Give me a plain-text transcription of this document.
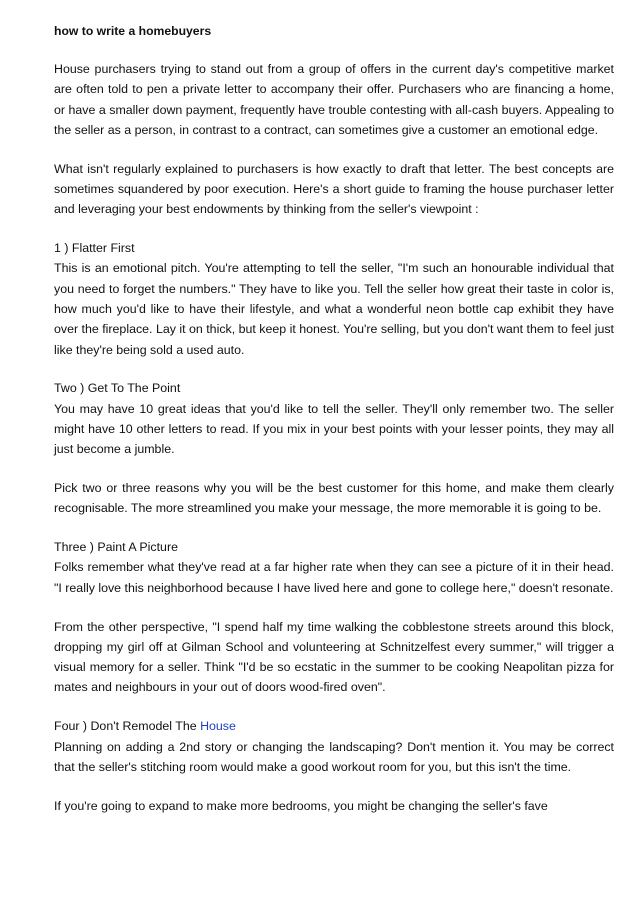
how to write a homebuyers

House purchasers trying to stand out from a group of offers in the current day's competitive market are often told to pen a private letter to accompany their offer. Purchasers who are financing a home, or have a smaller down payment, frequently have trouble contesting with all-cash buyers. Appealing to the seller as a person, in contrast to a contract, can sometimes give a customer an emotional edge.

What isn't regularly explained to purchasers is how exactly to draft that letter. The best concepts are sometimes squandered by poor execution. Here's a short guide to framing the house purchaser letter and leveraging your best endowments by thinking from the seller's viewpoint :

1 ) Flatter First
This is an emotional pitch. You're attempting to tell the seller, "I'm such an honourable individual that you need to forget the numbers." They have to like you. Tell the seller how great their taste in color is, how much you'd like to have their lifestyle, and what a wonderful neon bottle cap exhibit they have over the fireplace. Lay it on thick, but keep it honest. You're selling, but you don't want them to feel just like they're being sold a used auto.

Two ) Get To The Point
You may have 10 great ideas that you'd like to tell the seller. They'll only remember two. The seller might have 10 other letters to read. If you mix in your best points with your lesser points, they may all just become a jumble.

Pick two or three reasons why you will be the best customer for this home, and make them clearly recognisable. The more streamlined you make your message, the more memorable it is going to be.

Three ) Paint A Picture
Folks remember what they've read at a far higher rate when they can see a picture of it in their head. "I really love this neighborhood because I have lived here and gone to college here," doesn't resonate.

From the other perspective, "I spend half my time walking the cobblestone streets around this block, dropping my girl off at Gilman School and volunteering at Schnitzelfest every summer," will trigger a visual memory for a seller. Think "I'd be so ecstatic in the summer to be cooking Neapolitan pizza for mates and neighbours in your out of doors wood-fired oven".

Four ) Don't Remodel The House
Planning on adding a 2nd story or changing the landscaping? Don't mention it. You may be correct that the seller's stitching room would make a good workout room for you, but this isn't the time.

If you're going to expand to make more bedrooms, you might be changing the seller's fave
